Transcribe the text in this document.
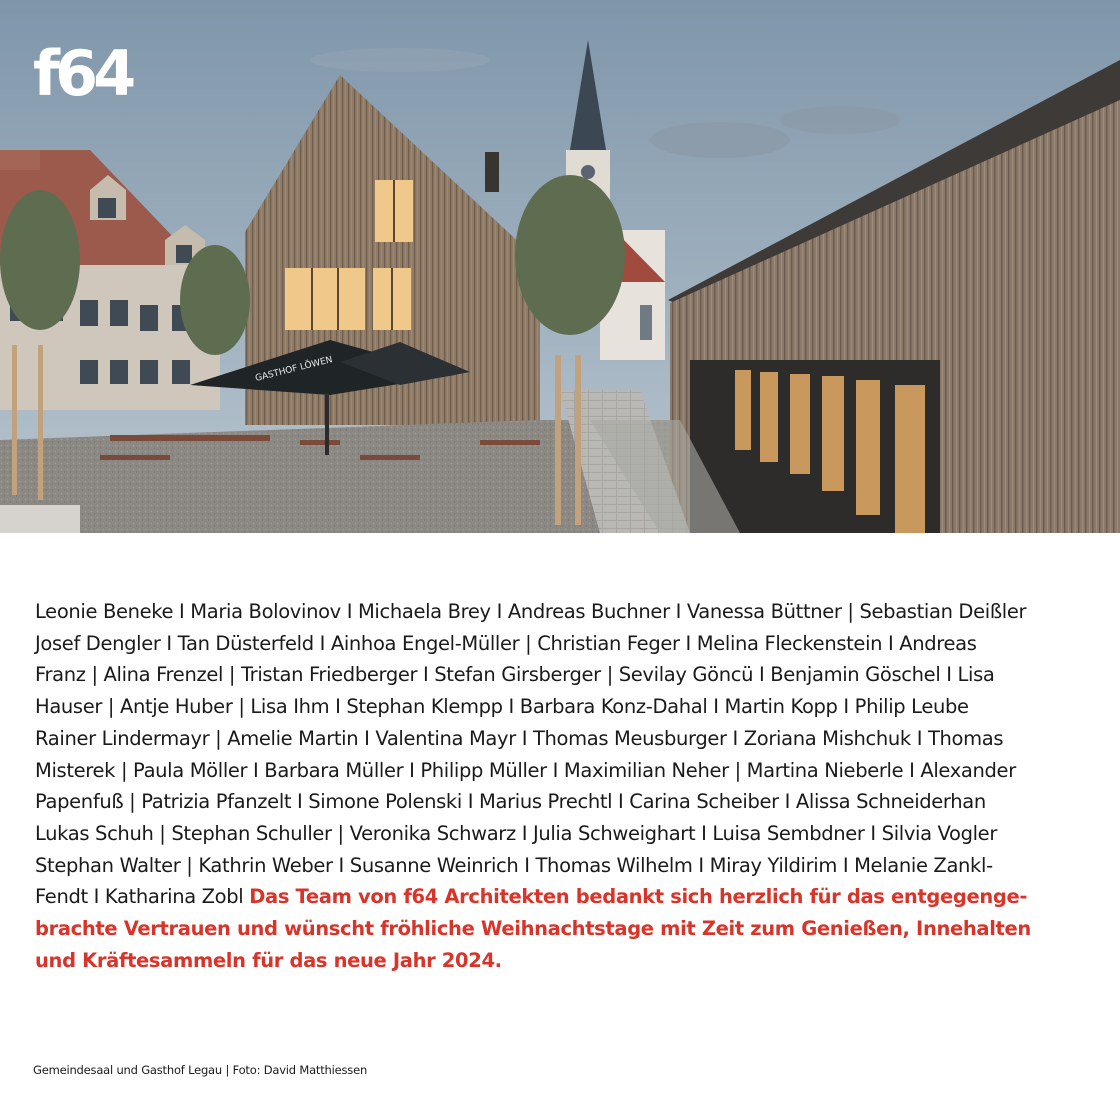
GASTHOF LÖWEN
f64
Leonie Beneke I Maria Bolovinov I Michaela Brey I Andreas Buchner I Vanessa Büttner | Sebastian Deißler
Josef Dengler I Tan Düsterfeld I Ainhoa Engel-Müller | Christian Feger I Melina Fleckenstein I Andreas
Franz | Alina Frenzel | Tristan Friedberger I Stefan Girsberger | Sevilay Göncü I Benjamin Göschel I Lisa
Hauser | Antje Huber | Lisa Ihm I Stephan Klempp I Barbara Konz-Dahal I Martin Kopp I Philip Leube
Rainer Lindermayr | Amelie Martin I Valentina Mayr I Thomas Meusburger I Zoriana Mishchuk I Thomas
Misterek | Paula Möller I Barbara Müller I Philipp Müller I Maximilian Neher | Martina Nieberle I Alexander
Papenfuß | Patrizia Pfanzelt I Simone Polenski I Marius Prechtl I Carina Scheiber I Alissa Schneiderhan
Lukas Schuh | Stephan Schuller | Veronika Schwarz I Julia Schweighart I Luisa Sembdner I Silvia Vogler
Stephan Walter | Kathrin Weber I Susanne Weinrich I Thomas Wilhelm I Miray Yildirim I Melanie Zankl-
Fendt I Katharina Zobl Das Team von f64 Architekten bedankt sich herzlich für das entgegenge-
brachte Vertrauen und wünscht fröhliche Weihnachtstage mit Zeit zum Genießen, Innehalten
und Kräftesammeln für das neue Jahr 2024.
Gemeindesaal und Gasthof Legau | Foto: David Matthiessen
